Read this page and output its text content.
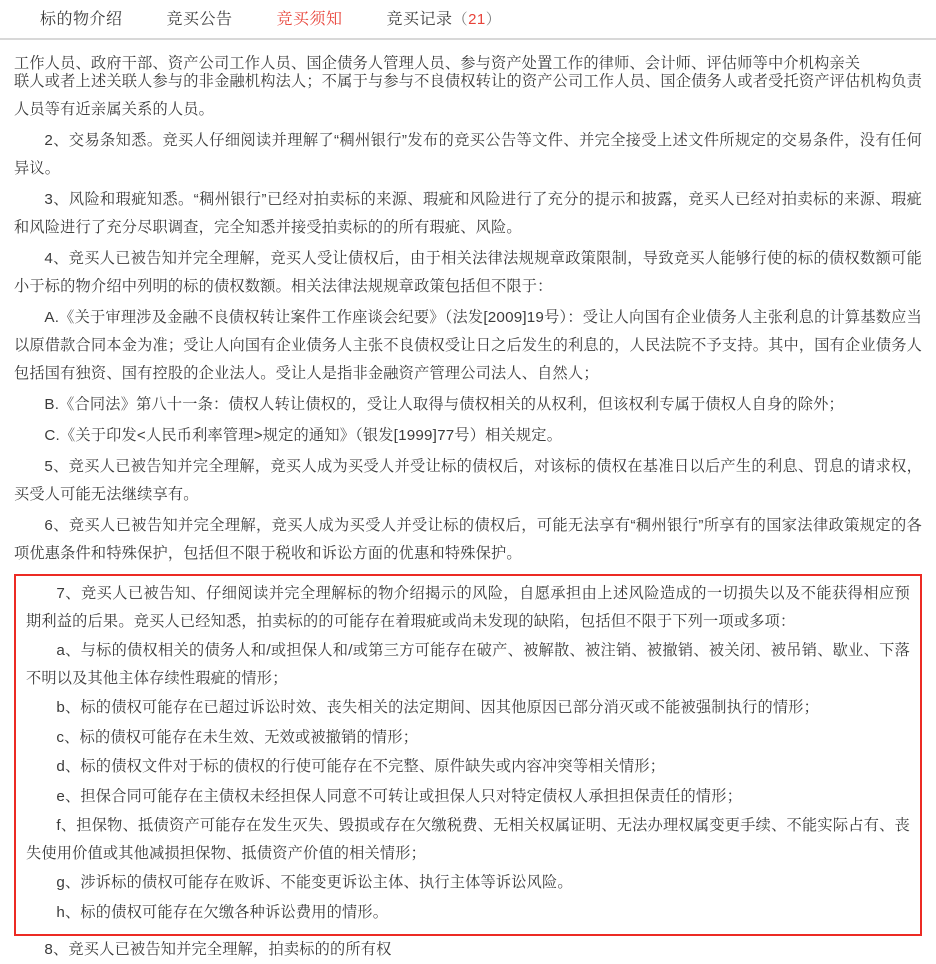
标的物介绍	竞买公告	竞买须知	竞买记录（21）

工作人员、政府干部、资产公司工作人员、国企债务人管理人员、参与资产处置工作的律师、会计师、评估师等中介机构亲关

联人或者上述关联人参与的非金融机构法人；不属于与参与不良债权转让的资产公司工作人员、国企债务人或者受托资产评估机构负责人员等有近亲属关系的人员。

2、交易条知悉。竞买人仔细阅读并理解了“稠州银行”发布的竞买公告等文件、并完全接受上述文件所规定的交易条件，没有任何异议。

3、风险和瑕疵知悉。“稠州银行”已经对拍卖标的来源、瑕疵和风险进行了充分的提示和披露，竞买人已经对拍卖标的来源、瑕疵和风险进行了充分尽职调查，完全知悉并接受拍卖标的的所有瑕疵、风险。

4、竞买人已被告知并完全理解，竞买人受让债权后，由于相关法律法规规章政策限制，导致竞买人能够行使的标的债权数额可能小于标的物介绍中列明的标的债权数额。相关法律法规规章政策包括但不限于：

A.《关于审理涉及金融不良债权转让案件工作座谈会纪要》（法发[2009]19号）：受让人向国有企业债务人主张利息的计算基数应当以原借款合同本金为准；受让人向国有企业债务人主张不良债权受让日之后发生的利息的，人民法院不予支持。其中，国有企业债务人包括国有独资、国有控股的企业法人。受让人是指非金融资产管理公司法人、自然人；

B.《合同法》第八十一条：债权人转让债权的，受让人取得与债权相关的从权利，但该权利专属于债权人自身的除外；

C.《关于印发<人民币利率管理>规定的通知》（银发[1999]77号）相关规定。

5、竞买人已被告知并完全理解，竞买人成为买受人并受让标的债权后，对该标的债权在基准日以后产生的利息、罚息的请求权，买受人可能无法继续享有。

6、竞买人已被告知并完全理解，竞买人成为买受人并受让标的债权后，可能无法享有“稠州银行”所享有的国家法律政策规定的各项优惠条件和特殊保护，包括但不限于税收和诉讼方面的优惠和特殊保护。

7、竞买人已被告知、仔细阅读并完全理解标的物介绍揭示的风险，自愿承担由上述风险造成的一切损失以及不能获得相应预期利益的后果。竞买人已经知悉，拍卖标的的可能存在着瑕疵或尚未发现的缺陷，包括但不限于下列一项或多项：

a、与标的债权相关的债务人和/或担保人和/或第三方可能存在破产、被解散、被注销、被撤销、被关闭、被吊销、歇业、下落不明以及其他主体存续性瑕疵的情形；

b、标的债权可能存在已超过诉讼时效、丧失相关的法定期间、因其他原因已部分消灭或不能被强制执行的情形；

c、标的债权可能存在未生效、无效或被撤销的情形；

d、标的债权文件对于标的债权的行使可能存在不完整、原件缺失或内容冲突等相关情形；

e、担保合同可能存在主债权未经担保人同意不可转让或担保人只对特定债权人承担担保责任的情形；

f、担保物、抵债资产可能存在发生灭失、毁损或存在欠缴税费、无相关权属证明、无法办理权属变更手续、不能实际占有、丧失使用价值或其他减损担保物、抵债资产价值的相关情形；

g、涉诉标的债权可能存在败诉、不能变更诉讼主体、执行主体等诉讼风险。

h、标的债权可能存在欠缴各种诉讼费用的情形。

8、竞买人已被告知并完全理解，拍卖标的的所有权
